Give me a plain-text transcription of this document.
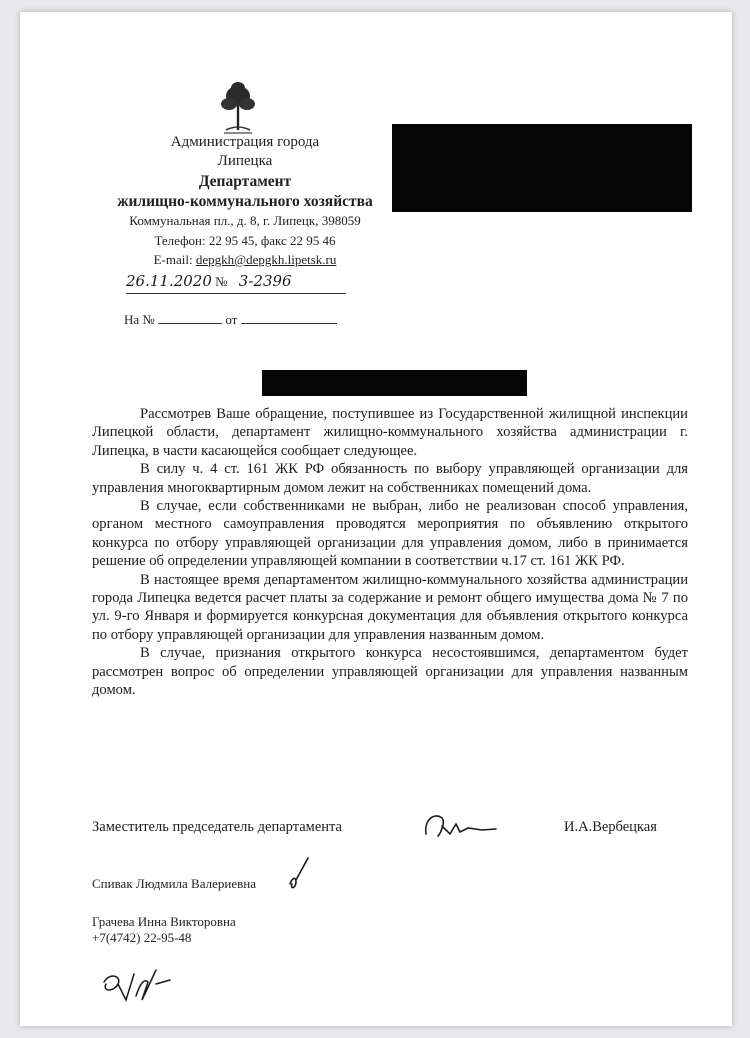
Администрация города
Липецка
Департамент
жилищно-коммунального хозяйства
Коммунальная пл., д. 8, г. Липецк, 398059
Телефон: 22 95 45, факс 22 95 46
E-mail: depgkh@depgkh.lipetsk.ru
26.11.2020 № 3-2396
На №	от

Рассмотрев Ваше обращение, поступившее из Государственной жилищной инспекции Липецкой области, департамент жилищно-коммунального хозяйства администрации г. Липецка, в части касающейся сообщает следующее.

В силу ч. 4 ст. 161 ЖК РФ обязанность по выбору управляющей организации для управления многоквартирным домом лежит на собственниках помещений дома.

В случае, если собственниками не выбран, либо не реализован способ управления, органом местного самоуправления проводятся мероприятия по объявлению открытого конкурса по отбору управляющей организации для управления домом, либо в принимается решение об определении управляющей компании в соответствии ч.17 ст. 161 ЖК РФ.

В настоящее время департаментом жилищно-коммунального хозяйства администрации города Липецка ведется расчет платы за содержание и ремонт общего имущества дома № 7 по ул. 9-го Января и формируется конкурсная документация для объявления открытого конкурса по отбору управляющей организации для управления названным домом.

В случае, признания открытого конкурса несостоявшимся, департаментом будет рассмотрен вопрос об определении управляющей организации для управления названным домом.

Заместитель председатель департамента	И.А.Вербецкая
Спивак Людмила Валериевна
Грачева Инна Викторовна
+7(4742) 22-95-48
